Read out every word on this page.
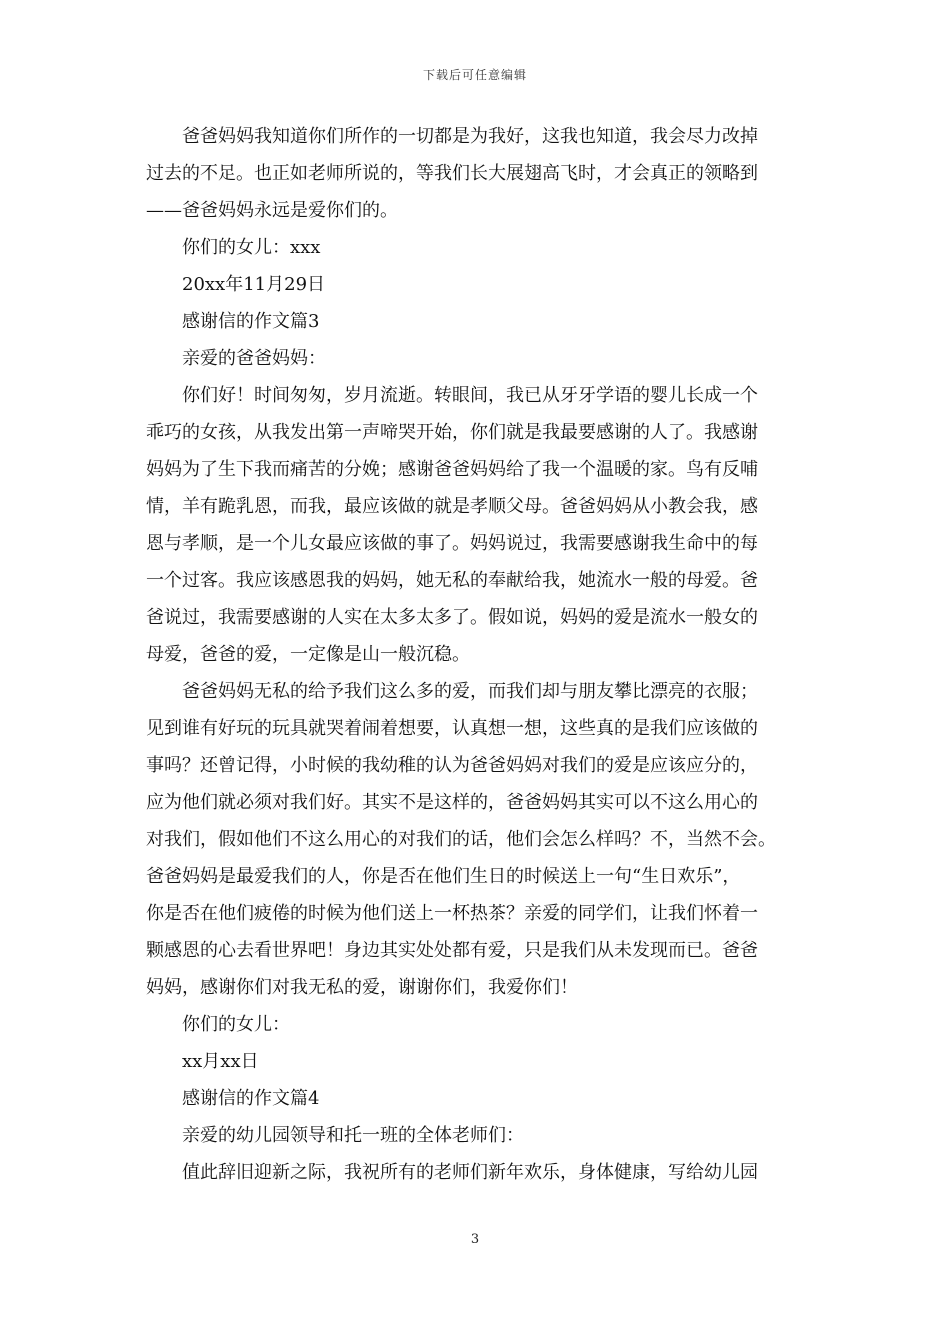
下载后可任意编辑
爸爸妈妈我知道你们所作的一切都是为我好，这我也知道，我会尽力改掉
过去的不足。也正如老师所说的，等我们长大展翅高飞时，才会真正的领略到
——爸爸妈妈永远是爱你们的。
你们的女儿：xxx
20xx年11月29日
感谢信的作文篇3
亲爱的爸爸妈妈：
你们好！时间匆匆，岁月流逝。转眼间，我已从牙牙学语的婴儿长成一个
乖巧的女孩，从我发出第一声啼哭开始，你们就是我最要感谢的人了。我感谢
妈妈为了生下我而痛苦的分娩；感谢爸爸妈妈给了我一个温暖的家。鸟有反哺
情，羊有跪乳恩，而我，最应该做的就是孝顺父母。爸爸妈妈从小教会我，感
恩与孝顺，是一个儿女最应该做的事了。妈妈说过，我需要感谢我生命中的每
一个过客。我应该感恩我的妈妈，她无私的奉献给我，她流水一般的母爱。爸
爸说过，我需要感谢的人实在太多太多了。假如说，妈妈的爱是流水一般女的
母爱，爸爸的爱，一定像是山一般沉稳。
爸爸妈妈无私的给予我们这么多的爱，而我们却与朋友攀比漂亮的衣服；
见到谁有好玩的玩具就哭着闹着想要，认真想一想，这些真的是我们应该做的
事吗？还曾记得，小时候的我幼稚的认为爸爸妈妈对我们的爱是应该应分的，
应为他们就必须对我们好。其实不是这样的，爸爸妈妈其实可以不这么用心的
对我们，假如他们不这么用心的对我们的话，他们会怎么样吗？不，当然不会。
爸爸妈妈是最爱我们的人，你是否在他们生日的时候送上一句“生日欢乐”，
你是否在他们疲倦的时候为他们送上一杯热茶？亲爱的同学们，让我们怀着一
颗感恩的心去看世界吧！身边其实处处都有爱，只是我们从未发现而已。爸爸
妈妈，感谢你们对我无私的爱，谢谢你们，我爱你们！
你们的女儿：
xx月xx日
感谢信的作文篇4
亲爱的幼儿园领导和托一班的全体老师们：
值此辞旧迎新之际，我祝所有的老师们新年欢乐，身体健康，写给幼儿园
3
